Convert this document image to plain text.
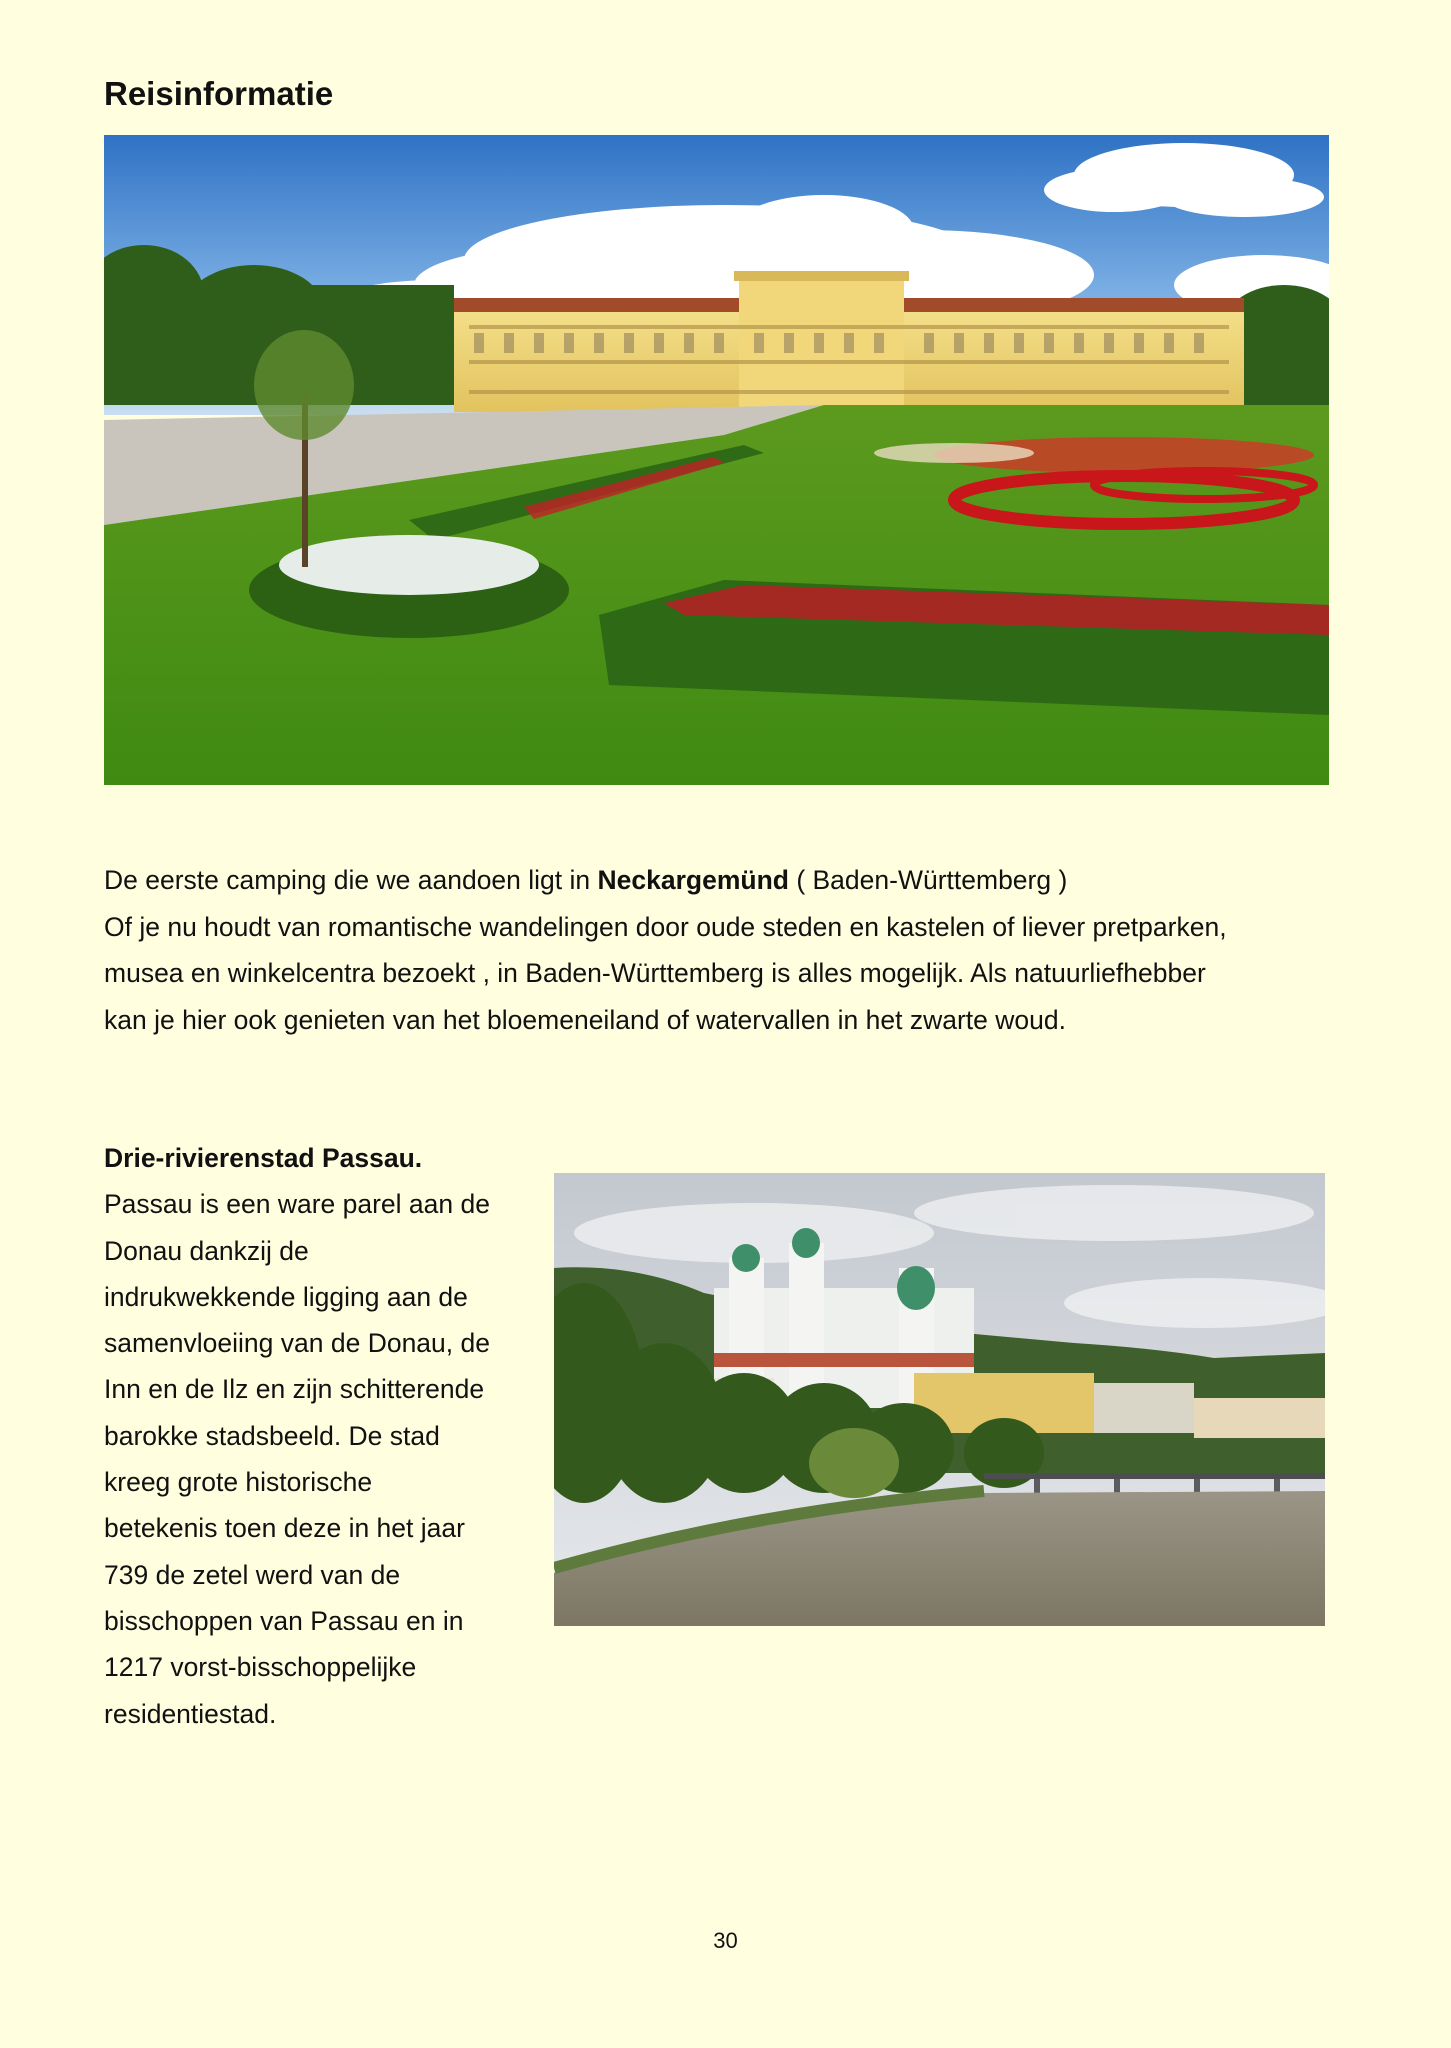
Reisinformatie

De eerste camping die we aandoen ligt in Neckargemünd ( Baden-Württemberg )
Of je nu houdt van romantische wandelingen door oude steden en kastelen of liever pretparken,
musea en winkelcentra bezoekt , in Baden-Württemberg is alles mogelijk. Als natuurliefhebber
kan je hier ook genieten van het bloemeneiland of watervallen in het zwarte woud.

Drie-rivierenstad Passau.
Passau is een ware parel aan de
Donau dankzij de
indrukwekkende ligging aan de
samenvloeiing van de Donau, de
Inn en de Ilz en zijn schitterende
barokke stadsbeeld. De stad
kreeg grote historische
betekenis toen deze in het jaar
739 de zetel werd van de
bisschoppen van Passau en in
1217 vorst-bisschoppelijke residentiestad.

30
